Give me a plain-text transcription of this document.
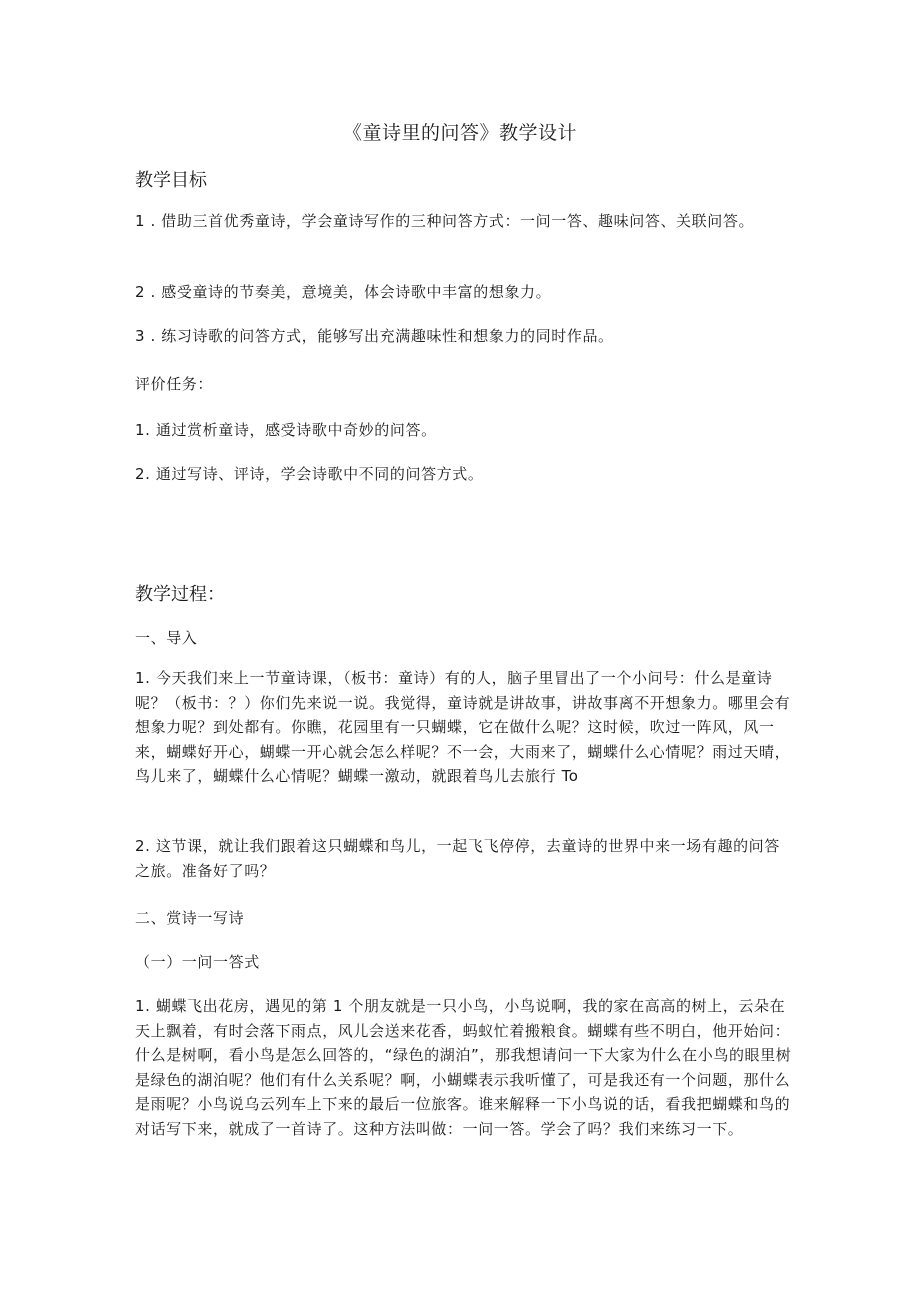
《童诗里的问答》教学设计
教学目标
1 . 借助三首优秀童诗，学会童诗写作的三种问答方式：一问一答、趣味问答、关联问答。
2 . 感受童诗的节奏美，意境美，体会诗歌中丰富的想象力。
3 . 练习诗歌的问答方式，能够写出充满趣味性和想象力的同时作品。
评价任务：
1. 通过赏析童诗，感受诗歌中奇妙的问答。
2. 通过写诗、评诗，学会诗歌中不同的问答方式。
教学过程：
一、导入
1. 今天我们来上一节童诗课，（板书：童诗）有的人，脑子里冒出了一个小问号：什么是童诗呢？（板书：？）你们先来说一说。我觉得，童诗就是讲故事，讲故事离不开想象力。哪里会有想象力呢？到处都有。你瞧，花园里有一只蝴蝶，它在做什么呢？这时候，吹过一阵风，风一来，蝴蝶好开心，蝴蝶一开心就会怎么样呢？不一会，大雨来了，蝴蝶什么心情呢？雨过天晴，鸟儿来了，蝴蝶什么心情呢？蝴蝶一激动，就跟着鸟儿去旅行 To
2. 这节课，就让我们跟着这只蝴蝶和鸟儿，一起飞飞停停，去童诗的世界中来一场有趣的问答之旅。准备好了吗？
二、赏诗一写诗
（一）一问一答式
1. 蝴蝶飞出花房，遇见的第 1 个朋友就是一只小鸟，小鸟说啊，我的家在高高的树上，云朵在天上飘着，有时会落下雨点，风儿会送来花香，蚂蚁忙着搬粮食。蝴蝶有些不明白，他开始问：什么是树啊，看小鸟是怎么回答的，“绿色的湖泊”，那我想请问一下大家为什么在小鸟的眼里树是绿色的湖泊呢？他们有什么关系呢？啊，小蝴蝶表示我听懂了，可是我还有一个问题，那什么是雨呢？小鸟说乌云列车上下来的最后一位旅客。谁来解释一下小鸟说的话，看我把蝴蝶和鸟的对话写下来，就成了一首诗了。这种方法叫做：一问一答。学会了吗？我们来练习一下。
